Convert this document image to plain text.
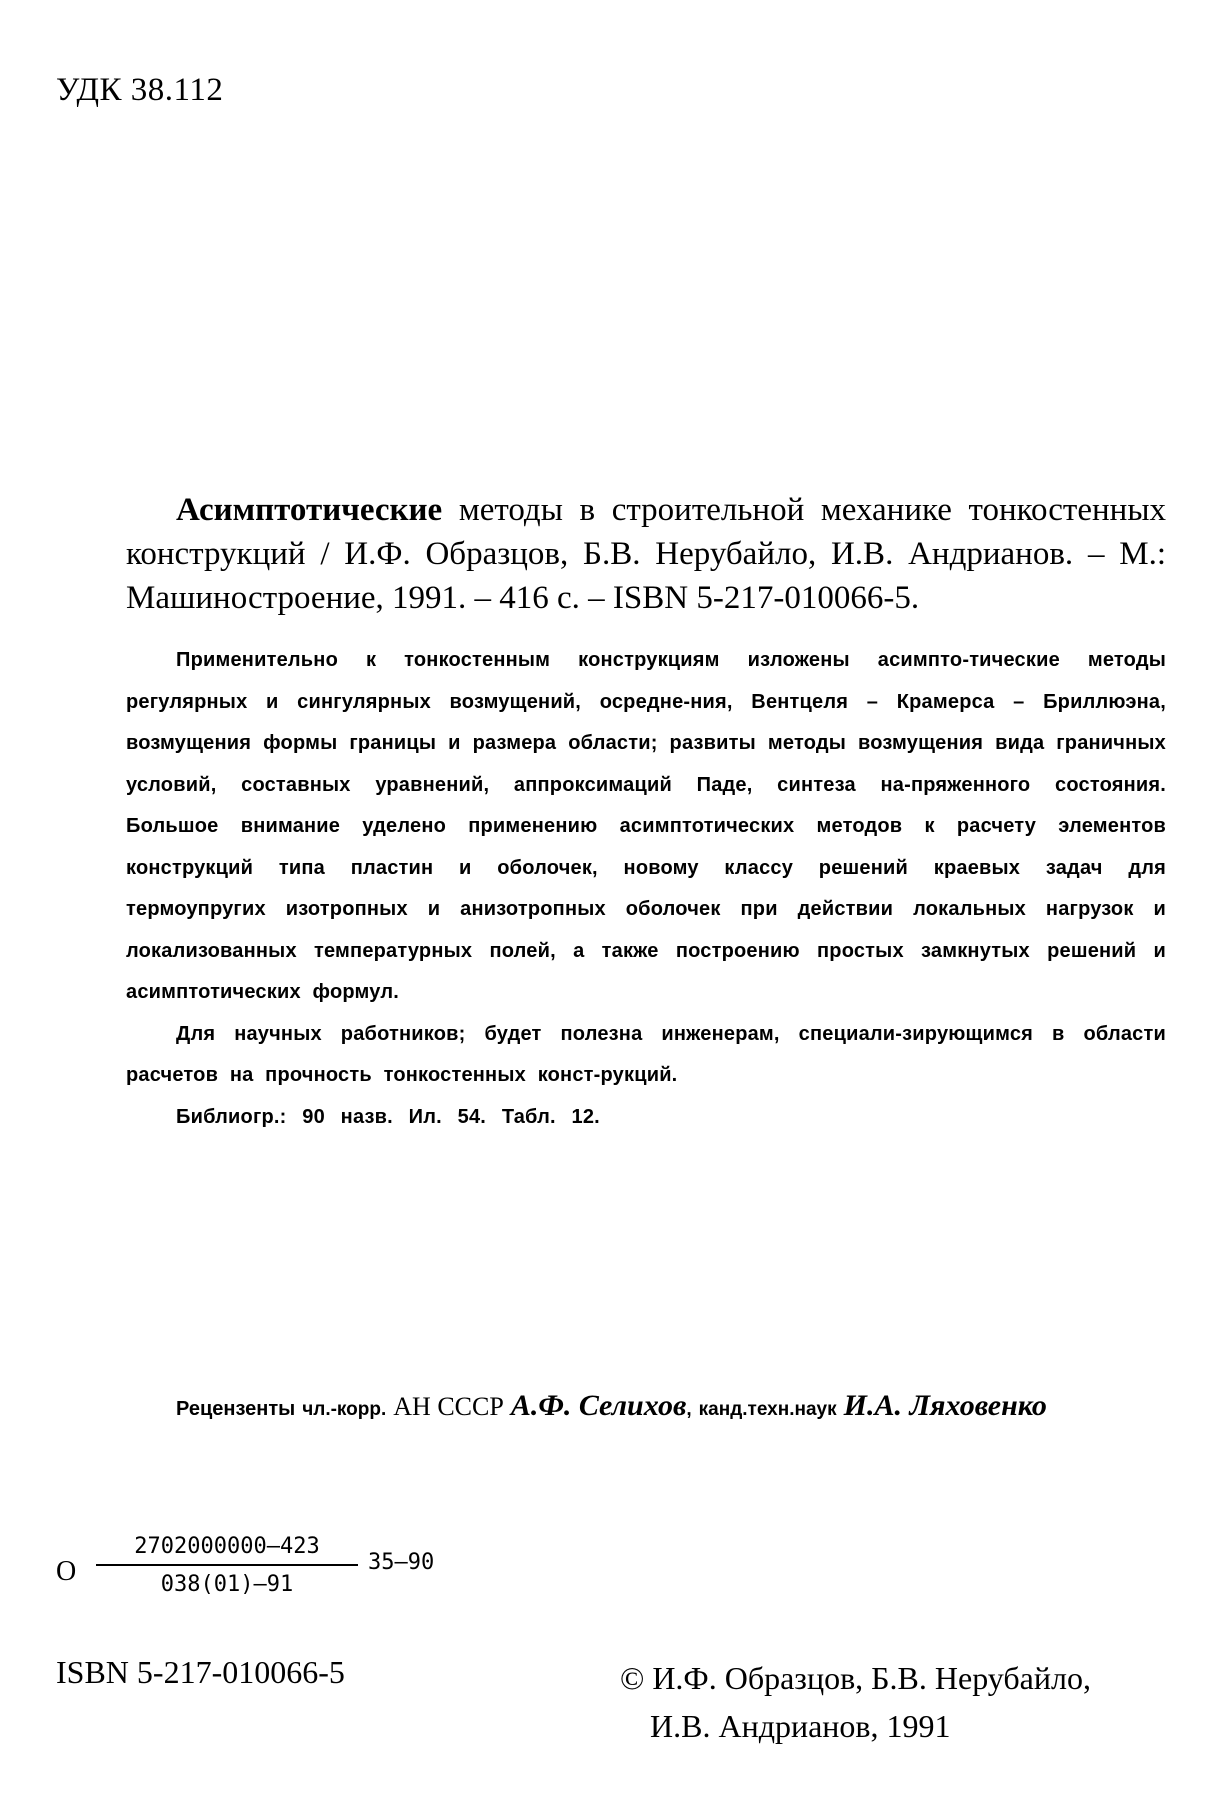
УДК 38.112
Асимптотические методы в строительной механике тонкостенных конструкций / И.Ф. Образцов, Б.В. Нерубайло, И.В. Андрианов. – М.: Машиностроение, 1991. – 416 с. – ISBN 5-217-010066-5.

Применительно к тонкостенным конструкциям изложены асимпто-тические методы регулярных и сингулярных возмущений, осредне-ния, Вентцеля – Крамерса – Бриллюэна, возмущения формы границы и размера области; развиты методы возмущения вида граничных условий, составных уравнений, аппроксимаций Паде, синтеза на-пряженного состояния. Большое внимание уделено применению асимптотических методов к расчету элементов конструкций типа пластин и оболочек, новому классу решений краевых задач для термоупругих изотропных и анизотропных оболочек при действии локальных нагрузок и локализованных температурных полей, а также построению простых замкнутых решений и асимптотических формул.

Для научных работников; будет полезна инженерам, специали-зирующимся в области расчетов на прочность тонкостенных конст-рукций.

Библиогр.: 90 назв. Ил. 54. Табл. 12.

Рецензенты чл.-корр. АН СССР А.Ф. Селихов, канд.техн.наук И.А. Ляховенко
О $\frac{2702000000-423}{038(01)-91} 35-90$
ISBN 5-217-010066-5	© И.Ф. Образцов, Б.В. Нерубайло,
И.В. Андрианов, 1991
